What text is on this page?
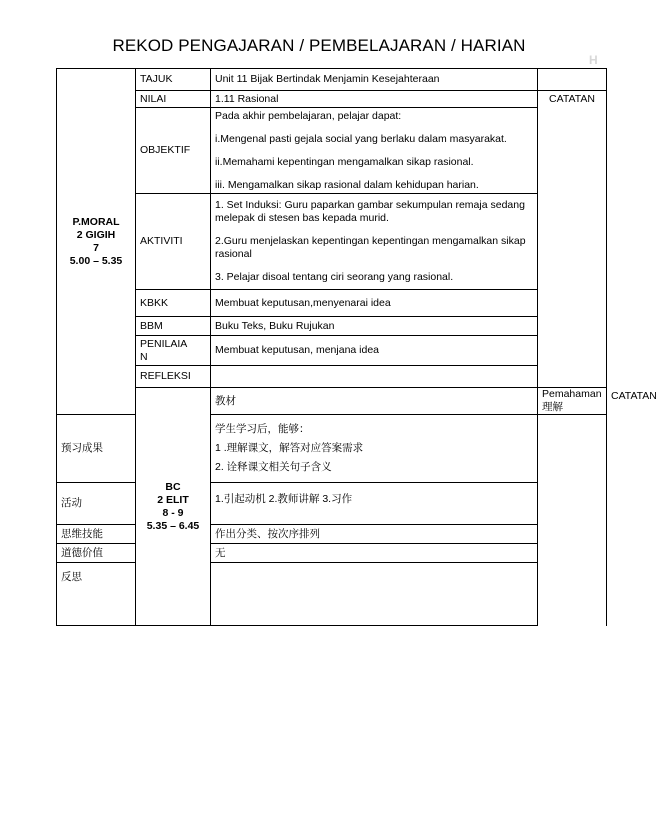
REKOD PENGAJARAN / PEMBELAJARAN / HARIAN
H
P.MORAL
2 GIGIH
7
5.00 – 5.35	TAJUK	Unit 11 Bijak Bertindak Menjamin Kesejahteraan		
	NILAI	1.11 Rasional	CATATAN	
	OBJEKTIF	Pada akhir pembelajaran, pelajar dapat:
i.Mengenal pasti gejala social yang berlaku dalam masyarakat.
ii.Memahami kepentingan mengamalkan sikap rasional.
iii. Mengamalkan sikap rasional dalam kehidupan harian.		

	AKTIVITI	1. Set Induksi: Guru paparkan gambar sekumpulan remaja sedang melepak di stesen bas kepada murid.
2.Guru menjelaskan kepentingan kepentingan mengamalkan sikap rasional
3. Pelajar disoal tentang ciri seorang yang rasional.		

	KBKK	Membuat keputusan,menyenarai idea		
	BBM	Buku Teks, Buku Rujukan		

	PENILAIA
N	Membuat keputusan, menjana idea		
	REFLEKSI			

	BC
2 ELIT
8 - 9
5.35 – 6.45	教材	Pemahaman 理解	CATATAN
预习成果		学生学习后，能够：
1 .理解课文，解答对应答案需求
2. 诠释课文相关句子含义		

活动		1.引起动机 2.教师讲解 3.习作		
思维技能		作出分类、按次序排列		
道德价值		无		
反思				
